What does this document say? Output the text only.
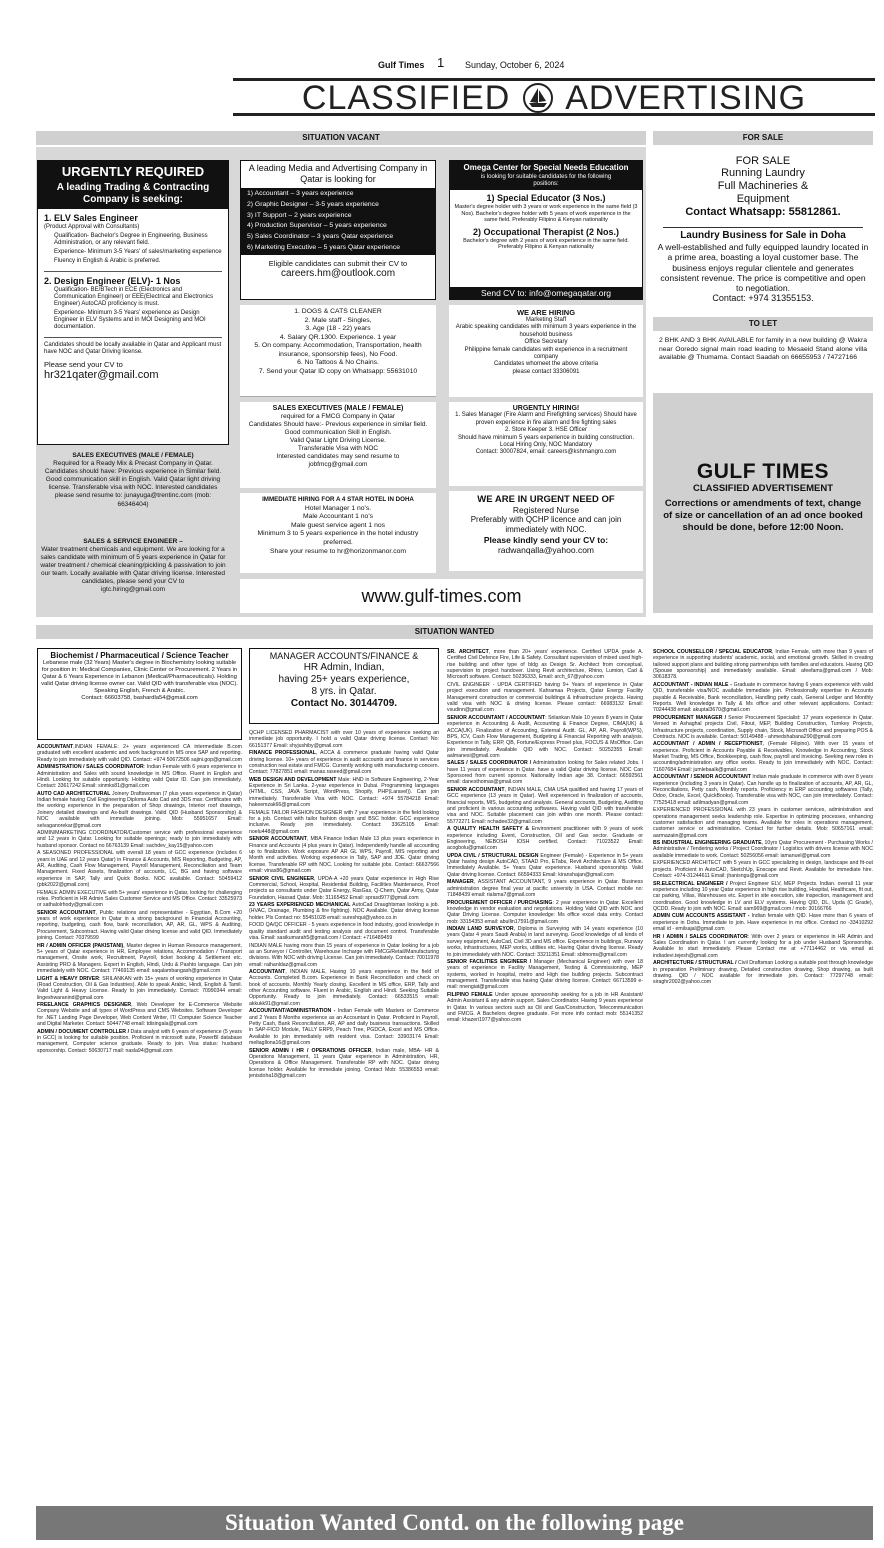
Gulf Times 1 Sunday, October 6, 2024
CLASSIFIED ADVERTISING
SITUATION VACANT	FOR SALE
URGENTLY REQUIRED
A leading Trading & Contracting Company is seeking:
1. ELV Sales Engineer
(Product Approval with Consultants)
Qualification- Bachelor's Degree in Engineering, Business Administration, or any relevant field.
Experience- Minimum 3-5 Years' of sales/marketing experience
Fluency in English & Arabic is preferred.
2. Design Engineer (ELV)- 1 Nos
Qualification- BE/BTech in ECE (Electronics and Communication Engineer) or EEE(Electrical and Electronics Engineer) AutoCAD proficiency is must.
Experience- Minimum 3-5 Years' experience as Design Engineer in ELV Systems and in MOI Designing and MOI documentation.
Candidates should be locally available in Qatar and Applicant must have NOC and Qatar Driving license.
Please send your CV to
hr321qater@gmail.com
A leading Media and Advertising Company in Qatar is looking for
1) Accountant – 3 years experience
2) Graphic Designer – 3-5 years experience
3) IT Support – 2 years experience
4) Production Supervisor – 5 years experience
5) Sales Coordinator – 3 years Qatar experience
6) Marketing Executive – 5 years Qatar experience
Eligible candidates can submit their CV to
careers.hm@outlook.com
Omega Center for Special Needs Education
is looking for suitable candidates for the following positions:
1) Special Educator (3 Nos.)
Master's degree holder with 3 years or work experience in the same field (3 Nos). Bachelor's degree holder with 5 years of work experience in the same field. Preferably Filipino & Kenyan nationality
2) Occupational Therapist (2 Nos.)
Bachelor's degree with 2 years of work experience in the same field. Preferably Filipino & Kenyan nationality
Send CV to: info@omegaqatar.org
1. DOGS & CATS CLEANER
2. Male staff - Singles,
3. Age (18 - 22) years
4. Salary QR.1300. Experience. 1 year
5. On company. Accommodation, Transportation, health insurance, sponsorship fees), No Food.
6. No Tattoos & No Chains.
7. Send your Qatar ID copy on Whatsapp: 55631010
WE ARE HIRING
Marketing Staff
Arabic speaking candidates with minimum 3 years experience in the household business
Office Secretary
Philippine female candidates with experience in a recruitment company
Candidates whomeet the above criteria
please contact 33306091
SALES EXECUTIVES (MALE / FEMALE)
required for a FMCG Company in Qatar
Candidates Should have:- Previous experience in similar field. Good communication Skill in English.
Valid Qatar Light Driving License.
Transferable Visa with NOC
Interested candidates may send resume to
jobfmcg@gmail.com
URGENTLY HIRING!
1. Sales Manager (Fire Alarm and Firefighting services) Should have proven experience in fire alarm and fire fighting sales
2. Store Keeper 3. HSE Officer
Should have minimum 5 years experience in building construction.
Local Hiring Only, NOC Mandatory
Contact: 30007824, email: careers@kshmangro.com
SALES EXECUTIVES (MALE / FEMALE)
Required for a Ready Mix & Precast Company in Qatar. Candidates should have: Previous experience in Similar field. Good communication skill in English. Valid Qatar light driving license. Transferable visa with NOC. Interested candidates please send resume to: junayuga@trentinc.com (mob: 66346404)
IMMEDIATE HIRING FOR A 4 STAR HOTEL IN DOHA
Hotel Manager 1 no's.
Male Accountant 1 no's
Male guest service agent 1 nos
Minimum 3 to 5 years experience in the hotel industry preferred.
Share your resume to hr@horizonmanor.com
WE ARE IN URGENT NEED OF
Registered Nurse
Preferably with QCHP licence and can join immediately with NOC.
Please kindly send your CV to:
radwanqalla@yahoo.com
SALES & SERVICE ENGINEER –
Water treatment chemicals and equipment. We are looking for a sales candidate with minimum of 5 years experience in Qatar for water treatment / chemical cleaning/pickling & passivation to join our team. Locally available with Qatar driving license. Interested candidates, please send your CV to
igtc.hiring@gmail.com	www.gulf-times.com
FOR SALE
Running Laundry
Full Machineries &
Equipment
Contact Whatsapp: 55812861.
Laundry Business for Sale in Doha
A well-established and fully equipped laundry located in a prime area, boasting a loyal customer base. The business enjoys regular clientele and generates consistent revenue. The price is competitive and open to negotiation.
Contact: +974 31355153.
TO LET
2 BHK AND 3 BHK AVAILABLE for family in a new building @ Wakra near Ooredo signal main road leading to Mesaeid Stand alone villa available @ Thumama. Contact Saadah on 66655953 / 74727166
GULF TIMES
CLASSIFIED ADVERTISEMENT
Corrections or amendments of text, change of size or cancellation of an ad once booked should be done, before 12:00 Noon.
SITUATION WANTED
Biochemist / Pharmaceutical / Science Teacher
Lebanese male (32 Years) Master's degree in Biochemistry looking suitable for position in: Medical Companies, Clinic Center or Procurement. 2 Years in Qatar & 6 Years Experience in Lebanon (Medical/Pharmaceuticals). Holding valid Qatar driving license owner car. Valid QID with transferable visa (NOC). Speaking English, French & Arabic.
Contact: 66603758, bashardla54@gmail.com
MANAGER ACCOUNTS/FINANCE &
HR Admin, Indian,
having 25+ years experience,
8 yrs. in Qatar.
Contact No. 30144709.

ACCOUNTANT,INDIAN FEMALE: 2+ years experienced CA intermediate B.com graduated with excellent academic and work background in MS once SAP and reporting. Ready to join immediately with valid QID. Contact: +974 50672506 sajini.gop@gmail.com

ADMINISTRATION / SALES COORDINATOR: Indian Female with 6 years experience in Administration and Sales with sound knowledge in MS Office. Fluent in English and Hindi. Looking for suitable opportunity. Holding valid Qatar ID. Can join immediately. Contact: 33617242 Email: sinmks81@gmail.com

AUTO CAD ARCHITECTURAL Joinery Draftswoman (7 plus years experience in Qatar) Indian female having Civil Engineering Diploma Auto Cad and 3DS max. Certificates with the working experience in the preparation of Shop drawings, Interior roof drawings, Joinery detailed drawings and As-built drawings. Valid QID (Husband Sponsorship) & NOC available with immediate joining. Mob: 55951657 Email: selvaganorekar@gmail.com

ADMIN/MARKETING COORDINATOR/Customer service with professional experience and 12 years in Qatar. Looking for suitable openings; ready to join immediately with husband sponsor. Contact no 66763139 Email: sachdev_kay15@yahoo.com

A SEASONED PROFESSIONAL with overall 18 years of GCC experience (includes 6 years in UAE and 12 years Qatar) in Finance & Accounts, MIS Reporting, Budgeting, AP, AR, Auditing, Cash Flow Management, Payroll Management, Reconciliation and Team Management. Fixed Assets, finalization of accounts, LC, BG and having software experience in SAP, Tally and Quick Books. NOC available. Contact: 50459412 (pbk2022@gmail.com)

FEMALE ADMIN EXECUTIVE with 5+ years' experience in Qatar, looking for challenging roles. Proficient in HR Admin Sales Customer Service and MS Office. Contact: 33525973 or sathalolrhody@gmail.com

SENIOR ACCOUNTANT, Public relations and representative - Egyptian, B.Com +20 years of work experience in Qatar in a strong background in Financial Accounting, reporting, budgeting, cash flow, bank reconciliation, AP, AR, GL, WPS & Auditing, Procurement, Subcontract. Having valid Qatar driving license and valid QID. Immediately joining. Contact: 70379599

HR / ADMIN OFFICER (PAKISTANI), Master degree in Human Resource management, 5+ years of Qatar experience in HR, Employee relations, Accommodation / Transport management, Onsite work, Recruitment, Payroll, ticket booking & Settlement etc. Assisting PRO & Managers. Expert in English, Hindi, Urdu & Pashto language. Can join immediately with NOC. Contact: 77469135 email: saqalambangash@gmail.com

LIGHT & HEAVY DRIVER: SRILANKAN with 15+ years of working experience in Qatar (Road Construction, Oil & Gas Industries). Able to speak Arabic, Hindi, English & Tamil. Valid Light & Heavy License. Ready to join immediately. Contact: 70990344 email: lingeshwaranind@gmail.com

FREELANCE GRAPHICS DESIGNER, Web Developer for E-Commerce Website Company Website and all types of WordPress and CMS Websites. Software Developer for .NET Landing Page Developer, Web Content Writer, IT/ Computer Science Teacher and Digital Marketer. Contact: 50447748 email: tdisingala@gmail.com

ADMIN / DOCUMENT CONTROLLER / Data analyst with 6 years of experience (5 years in GCC) is looking for suitable position. Proficient in microsoft suite, PowerBI database management, Computer science graduate. Ready to join. Visa status: husband sponsorship. Contact: 50630717 mail: nasla94@gmail.com

QCHP LICENSED PHARMACIST with over 10 years of experience seeking an immediate job opportunity. I hold a valid Qatar driving license. Contact No: 66151377 Email: shyjushiby@gmail.com

FINANCE PROFESSIONAL, ACCA & commerce graduate having valid Qatar driving license. 10+ years of experience in audit accounts and finance in services construction real estate and FMCG. Currently working with manufacturing concern. Contact: 77827851 email: manas.raseed@gmail.com

WEB DESIGN AND DEVELOPMENT Male: HND in Software Engineering, 2-Year Experience in Sri Lanka. 2-year experience in Dubai. Programming languages (HTML, CSS, JAVA Script, WordPress, Shopify, PHP(Laravel)). Can join immediately. Transferable Visa with NOC. Contact: +974 55784218 Email: hakeemzak66@gmail.com

FEMALE TAILOR FASHION DESIGNER with 7 year experience in the field looking for a job. Contact with tailor fashion design and BSC holder. GCC experience inclusive. Ready join immediately. Contact: 33625105 Email: noelu448@gmail.com

SENIOR ACCOUNTANT, MBA Finance Indian Male 13 plus years experience in Finance and Accounts (4 plus years in Qatar). Independently handle all accounting up to finalization. Work exposure AP AR GL WPS, Payroll, MIS reporting and Month end activities. Working experience in Tally, SAP and JDE. Qatar driving license. Transferable RP with NOC. Looking for suitable jobs. Contact: 66637566 email: vinas86@gmail.com

SENIOR CIVIL ENGINEER, UPDA-A +20 years Qatar experience in High Rise Commercial, School, Hospital, Residential Building, Facilities Maintenance, Proof projects as consultants under Qatar Energy, RasGas, Q-Chem, Qatar Army, Qatar Foundation, Hassad Qatar. Mob: 31165452 Email: sprasd977@gmail.com

23 YEARS EXPERIENCED MECHANICAL AutoCad Draughtsman looking a job. (HVAC, Drainage, Plumbing & fire fighting). NOC Available. Qatar driving license holder. Pls Contact no: 55451028 email: sureshqui@yahoo.co.in

FOOD QA/QC OFFICER - 5 years experience in food industry, good knowledge in quality standard audit and testing analysis and document control. Transferable visa. Email: sasikumarah5@gmail.com / Contact: +716489459

INDIAN MALE having more than 15 years of experience in Qatar looking for a job as an Surveyor / Controller, Warehouse Incharge with FMCG/Retail/Manufacturing divisions. With NOC with driving License. Can join immediately. Contact: 70011978 email: raihanldaz@gmail.com

ACCOUNTANT, INDIAN MALE, Having 10 years experience in the field of Accounts. Completed B.com. Experience in Bank Reconciliation and check on book of accounts. Monthly Yearly closing. Excellent in MS office, ERP, Tally and other Accounting software. Fluent in Arabic, English and Hindi. Seeking Suitable Opportunity. Ready to join immediately. Contact: 66533515 email: akkukk91@gmail.com

ACCOUNTANT/ADMINISTRATION - Indian Female with Masters or Commerce and 2 Years 8 Months experience as an Accountant in Qatar. Proficient in Payroll, Petty Cash, Bank Reconciliation, AR, AP and daily business transactions. Skilled in SAP-FICO Module, TALLY ERP9, Peach Tree, PGDCA, Excel and MS Office. Available to join immediately with resident visa. Contact: 33903174 Email: meltagllona16@gmail.com

SENIOR ADMIN / HR / OPERATIONS OFFICER, Indian male, MBA- HR & Operations Management, 11 years Qatar experience in Administration, HR, Operations & Office Management. Transferable RP with NOC. Qatar driving license holder. Available for immediate joining. Contact Mob: 55386553 email: jenisdoha18@gmail.com

SR. ARCHITECT, more than 20+ years' experience. Certified UPDA grade A. Certified Civil Defence Fire, Life & Safety. Consultant supervision of mixed used high-rise building and other type of bldg as Design Sr. Architect from conceptual, supervision to project handover. Using Revit architecture, Rhino, Lumion, Cad & Microsoft software. Contact: 50236333, Email: arch_67@yahoo.com

CIVIL ENGINEER - UPDA CERTIFIED having 9+ Years of experience in Qatar project execution and management. Kahramaa Projects, Qatar Energy Facility Management construction or commercial buildings & infrastructure projects. Having valid visa with NOC & driving license. Please contact: 66983132 Email: vsudinn@gmail.com

SENIOR ACCOUNTANT / ACCOUNTANT: Srilankan Male 10 years 8 years in Qatar experience in Accounting & Audit, Accounting & Finance Degree, CIMA(UK) & ACCA(UK). Finalization of Accounting, External Audit. GL, AP, AR, Payroll(WPS), BPS, ICV, Cash Flow Management, Budgeting & Financial Reporting with analysis. Experience in Tally, ERP, QB, Fortune/Express Prosel plus, FOCUS & MsOffice. Can join immediately. Available QID with NOC. Contact: 50252355 Email: aalmanesi@gmail.com

SALES / SALES COORDINATOR / Administration looking for Sales related Jobs. I have 11 years of experience in Qatar. have a valid Qatar driving license. NOC Can Sponsored from current sponsor. Nationality Indian age 38. Contact: 66592561 email: danesthomas@gmail.com

SENIOR ACCOUNTANT, INDIAN MALE, CMA USA qualified and having 17 years of GCC experience (13 years in Qatar). Well experienced in finalization of accounts, financial reports, MIS, budgeting and analysis. General accounts, Budgeting, Auditing and proficient in various accounting softwares. Having valid QID with transferable visa and NOC. Suitable placement can join within one month. Please contact: 55772271 Email: nchadee32@gmail.com

A QUALITY HEALTH SAFETY & Environment practitioner with 9 years of work experience including Event, Construction, Oil and Gas sector. Graduate or Engineering, NEBOSH IOSH certified. Contact: 71023522 Email: acogbolu@gmail.com

UPDA CIVIL / STRUCTURAL DESIGN Engineer (Female) - Experience in 5+ years Qatar having design AutoCAD, STAAD Pro, ETabs, Revit Architecture & MS Office. Immediately Available. 5+ Years Qatar experience. Husband sponsorship. Valid Qatar driving license. Contact: 66594333 Email: kiranshajan@gmail.com

MANAGER, ASSISTANT ACCOUNTANT, 9 years experience in Qatar. Business administration degree final year at pacific university in USA. Contact mobile no: 71848439 email: rialsma7@gmail.com

PROCUREMENT OFFICER / PURCHASING: 2 year experience in Qatar. Excellent knowledge in vendor evaluation and negotiations. Holding Valid QID with NOC and Qatar Driving License. Computer knowledge: Ms office excel data entry. Contact mob: 33154353 email: abullin17591@gmail.com

INDIAN LAND SURVEYOR, Diploma in Surveying with 14 years experience (10 years Qatar 4 years Saudi Arabia) in land surveying. Good knowledge of all kinds of survey equipment, AutoCad, Civil 3D and MS office. Experience in buildings, Runway works, infrastructures, MEP works, utilities etc. Having Qatar driving license. Ready to join immediately with NOC. Contact: 33211351 Email: sblmoms@gmail.com

SENIOR FACILITIES ENGINEER / Manager (Mechanical Engineer) with over 18 years of experience in Facility Management, Testing & Commissioning, MEP systems, worked in hospital, metro and High rise building projects. Subcontract management. Transferable visa having Qatar driving license. Contact: 66713599 e-mail: nnengiat@gmail.com

FILIPINO FEMALE Under spouse sponsorship seeking for a job in HR Assistant/ Admin Assistant & any admin support. Sales Coordinator. Having 9 years experience in Qatar. In various sectors such as Oil and Gas/Construction, Telecommunication and FMCG. A Bachelors degree graduate. For more info contact mob: 55141352 email: khazeri1977@yahoo.com

SCHOOL COUNSELLOR / SPECIAL EDUCATOR, Indian Female, with more than 9 years of experience in supporting students' academic, social, and emotional growth. Skilled in creating tailored support plans and building strong partnerships with families and educators. Having QID (Spouse sponsorship) and immediately available. Email: afeefams@gmail.com / Mob: 30618378.

ACCOUNTANT - INDIAN MALE - Graduate in commerce having 6 years experience with valid QID, transferable visa/NOC available immediate join. Professionally expertise in Accounts payable & Receivable, Bank reconciliation, Handling petty cash, General Ledger and Monthly Reports. Well knowledge in Tally & Ms office and other relevant applications. Contact: 70244438 email: akuptal3670@gmail.com

PROCUREMENT MANAGER / Senior Procurement Specialist: 17 years experience in Qatar. Versed in Ashaghal projects Civil, Fitout, MEP, Building Construction, Turnkey Projects, Infrastructure projects, coordination, Supply chain, Stock, Microsoft Office and preparing POS & Contracts. NOC is available. Contact: 50149488 - ahmedshabana290@gmail.com

ACCOUNTANT / ADMIN / RECEPTIONIST, (Female Filipino). With over 15 years of experience. Proficient in Accounts Payable & Receivables, Knowledge in Accounting, Stock Market Trading, MS Office, Bookkeeping, cash flow, payroll and invoicing. Seeking new roles in accounting/administration any office works. Ready to join immediately with NOC. Contact: 71607684 Email: jumlebaalk@gmail.com

ACCOUNTANT / SENIOR ACCOUNTANT Indian male graduate in commerce with over 8 years experience (including 3 years in Qatar). Can handle up to finalization of accounts, AP, AR, GL, Reconciliations, Petty cash, Monthly reports. Proficiency in ERP accounting softwares (Tally, Odoo, Oracle, Excel, QuickBooks). Transferable visa with NOC, can join immediately. Contact: 77525418 email: adilmadyan@gmail.com

EXPERIENCED PROFESSIONAL with 23 years in customer services, administration and operations management seeks leadership role. Expertise in optimizing processes, enhancing customer satisfaction and managing teams. Available for roles in operations management, customer service or administration. Contact for further details. Mob: 50657161 email: aarmazaiin@gmail.com

BS INDUSTRIAL ENGINEERING GRADUATE, 10yrs Qatar Procurement - Purchasing Works / Administrative / Tendering works / Project Coordinator / Logistics with drivers license with NOC available immediate to work. Contact: 50256056 email: iamanuel@gmail.com

EXPERIENCED ARCHITECT with 5 years in GCC specializing in design, landscape and fit-out projects. Proficient in AutoCAD, SketchUp, Enscape and Revit. Available for immediate hire. Contact: +974-31244611 Email: jhanisngu@gmail.com

SR.ELECTRICAL ENGINEER / Project Engineer ELV, MEP Projects. Indian. overall 11 year experience including 10 year Qatar experience in high rise building, Hospital, Healthcare, fit out, car parking, Villas, Warehouses etc. Expert in site execution, site inspection, management and coordination. Good knowledge in LV and ELV systems. Having QID, DL, Upda (C Grade), QCDD. Ready to join with NOC. Email: sam969@gmail.com / mob: 30166766

ADMIN CUM ACCOUNTS ASSISTANT - Indian female with QID. Have more than 6 years of experience in Doha. Immediate to join. Have experience in ms office. Contact no -33410292 email id - emilsajal@gmail.com

HR / ADMIN / SALES COORDINATOR: With over 2 years or experience in HR Admin and Sales Coordination in Qatar. I am currently looking for a job under Husband Sponsorship. Available to start immediately. Please Contact me at +77114462 or via email at indiadevi.tejesh@gmail.com

ARCHITECTURE / STRUCTURAL / Civil Draftsman Looking a suitable post through knowledge in preparation Preliminary drawing, Detailed construction drawing, Shop drawing, as built drawing. QID / NOC available for immediate join. Contact: 77297748 email: siraghr2002@yahoo.com

Situation Wanted Contd. on the following page
